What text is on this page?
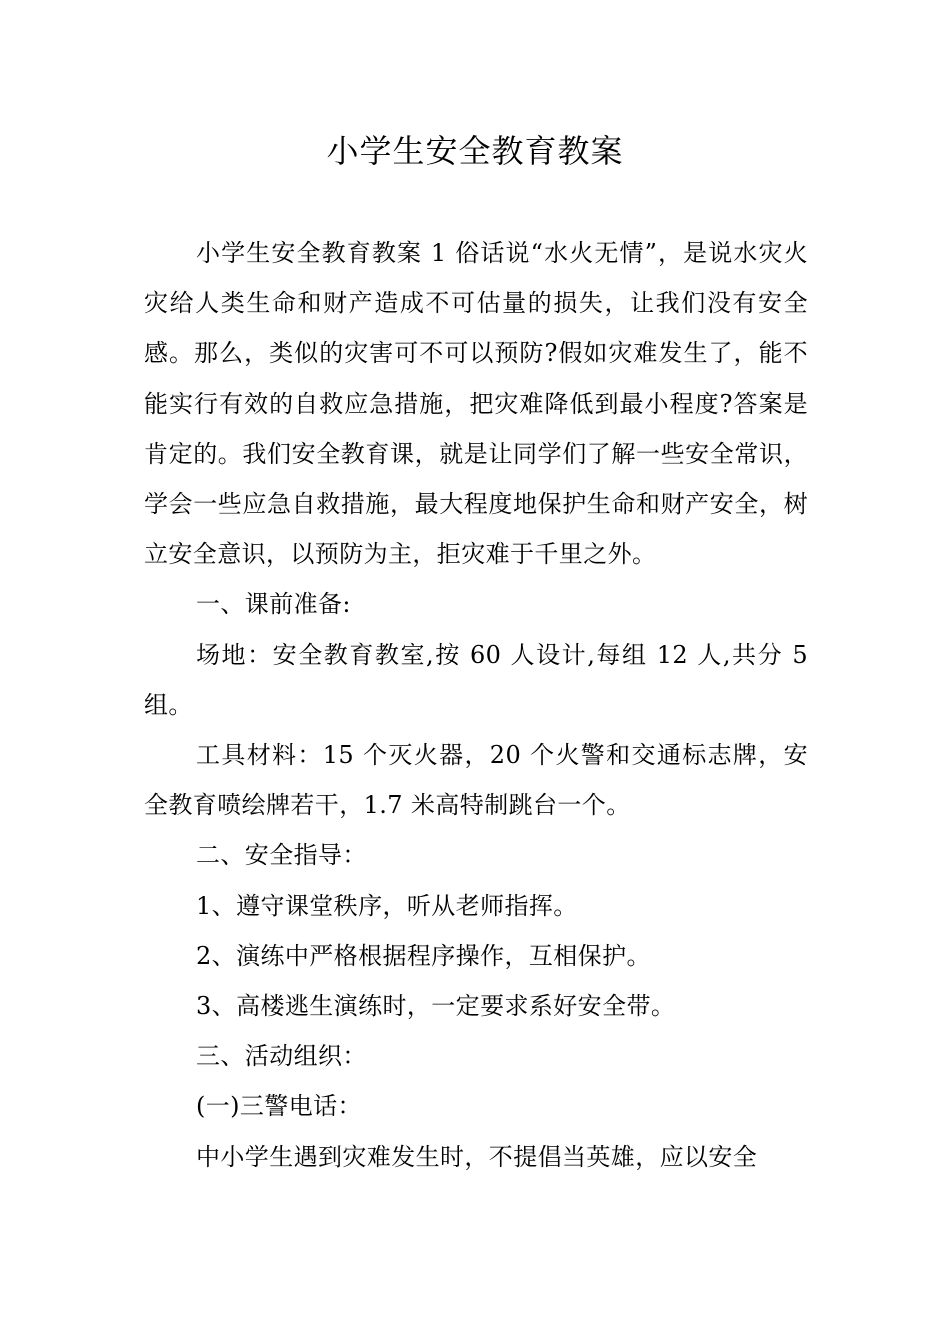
小学生安全教育教案

小学生安全教育教案 1 俗话说“水火无情”，是说水灾火灾给人类生命和财产造成不可估量的损失，让我们没有安全感。那么，类似的灾害可不可以预防?假如灾难发生了，能不能实行有效的自救应急措施，把灾难降低到最小程度?答案是肯定的。我们安全教育课，就是让同学们了解一些安全常识，学会一些应急自救措施，最大程度地保护生命和财产安全，树立安全意识，以预防为主，拒灾难于千里之外。

一、课前准备:

场地：安全教育教室,按 60 人设计,每组 12 人,共分 5 组。

工具材料：15 个灭火器，20 个火警和交通标志牌，安全教育喷绘牌若干，1.7 米高特制跳台一个。

二、安全指导：

1、遵守课堂秩序，听从老师指挥。

2、演练中严格根据程序操作，互相保护。

3、高楼逃生演练时，一定要求系好安全带。

三、活动组织：

(一)三警电话：

中小学生遇到灾难发生时，不提倡当英雄，应以安全
